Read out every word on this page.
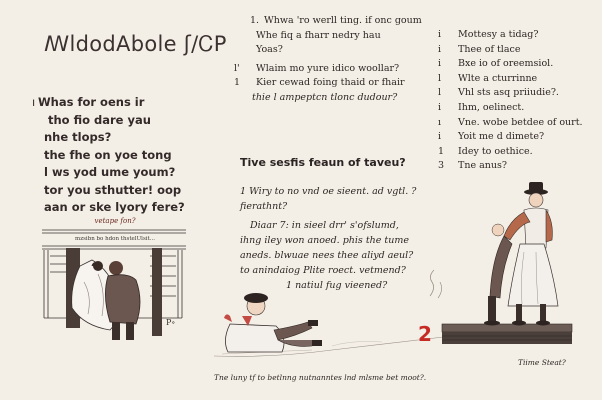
ꟿldodAbole ʃ/ᏟP
ı Whas for oens ir
tho fio dare yau
nhe tlops?
the fhe on yoe tong
l ws yod ume youm?
tor you sthutter! oop
aan or ske lyory fere?
vetape fon?
mzsibn bo hdon thstelUlsit...
P∘
1. Whwa 'ro werll ting. if onc goum
Whe fiq a fharr nedry hau
Yoas?
l' Wlaim mo yure idico woollar?
1 Kier cewad foing thaid or fhair
thie l ampeptcn tlonc dudour?
Tive sesfis feaun of taveu?
1 Wiry to no vnd oe sieent. ad vgtl. ?
fierathnt?
Diaar 7: in sieel drr' s'ofslumd,
ihng iley won anoed. phis the tume
aneds. blwuae nees thee aliyd aeul?
to anindaiog Plite roect. vetmend?
1 natiul fug vieened?
i Mottesy a tidag?
i Thee of tlace
i Bxe io of oreemsiol.
l Wlte a cturrinne
l Vhl sts asq priiudie?.
i Ihm, oelinect.
ı Vne. wobe betdee of ourt.
i Yoit me d dimete?
1 Idey to oethice.
3 Tne anus?
2
Tiime Steat?
Tne luny tf to betlnng nutnanntes lnd mlsme bet moot?.
